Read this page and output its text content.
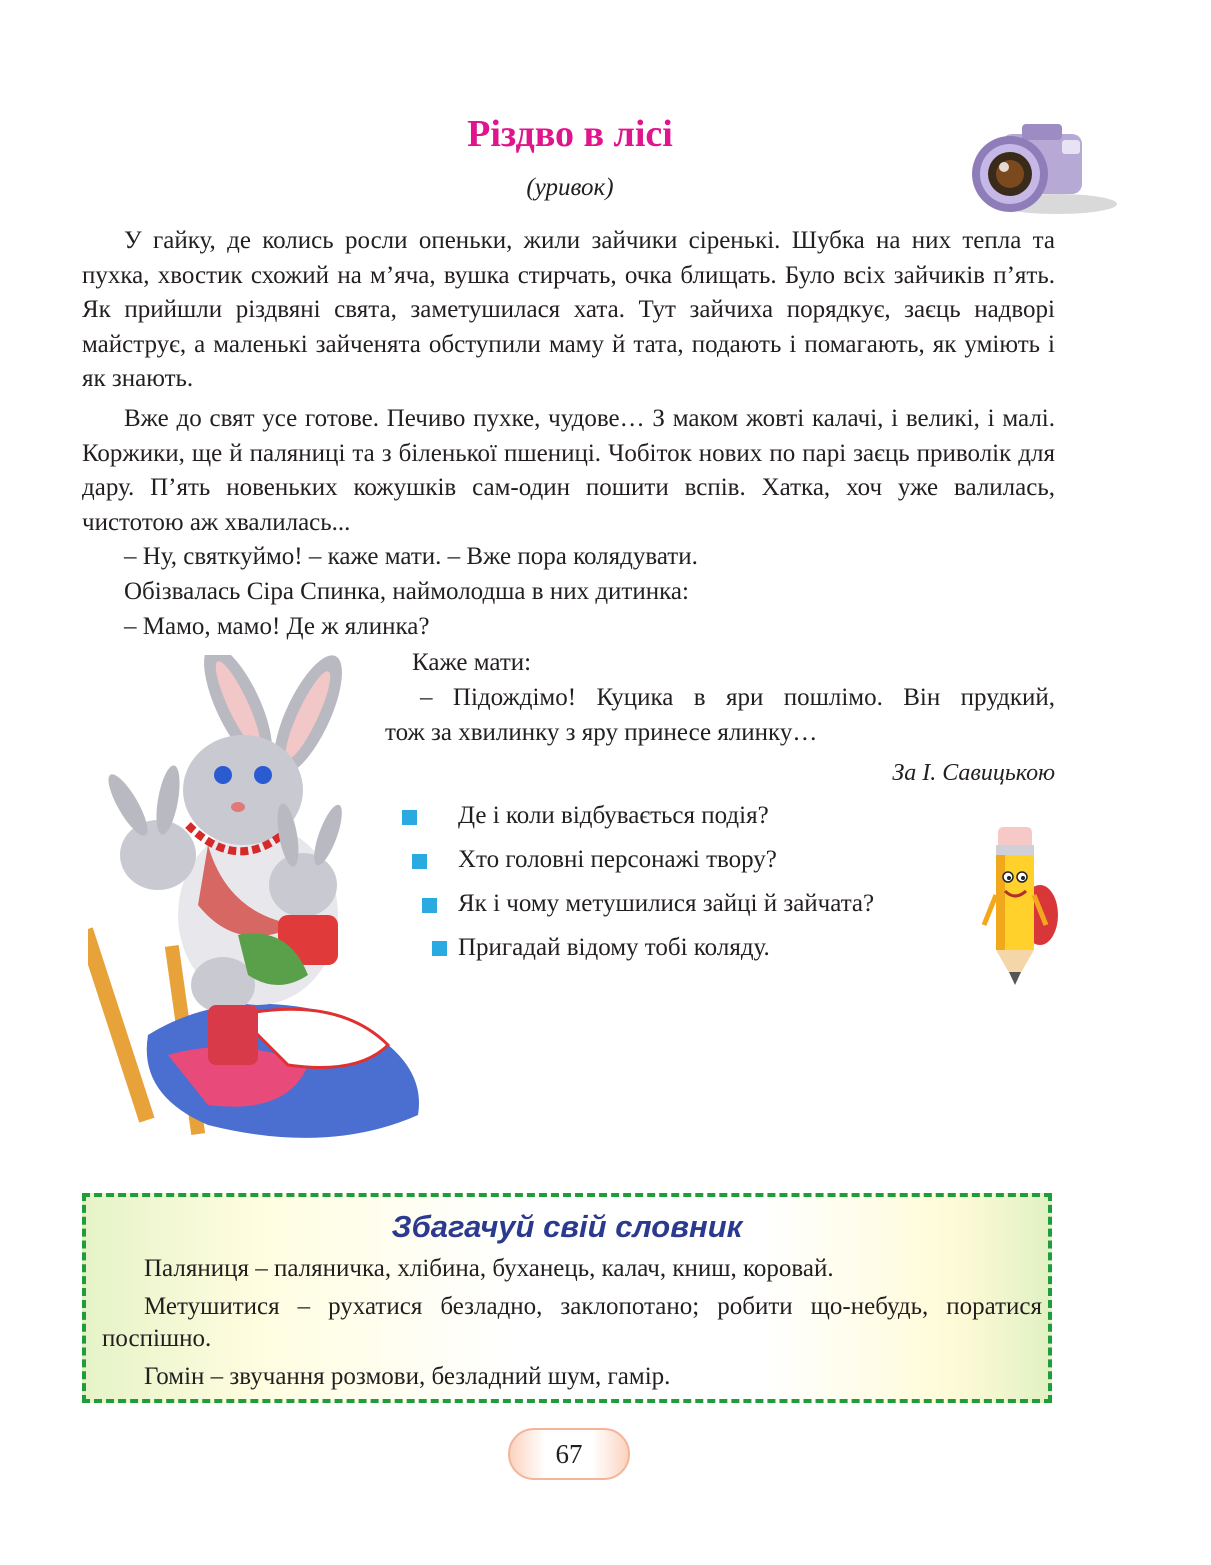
Різдво в лісі
(уривок)

У гайку, де колись росли опеньки, жили зайчики сіренькі. Шубка на них тепла та пухка, хвостик схожий на м’яча, вушка стирчать, очка блищать. Було всіх зайчиків п’ять. Як прийшли різдвяні свята, заметушилася хата. Тут зайчиха порядкує, заєць надворі майструє, а маленькі зайченята обступили маму й тата, подають і помагають, як уміють і як знають.

Вже до свят усе готове. Печиво пухке, чудове… З маком жовті калачі, і великі, і малі. Коржики, ще й паляниці та з біленької пшениці. Чобіток нових по парі заєць приволік для дару. П’ять новеньких кожушків сам-один пошити вспів. Хатка, хоч уже валилась, чистотою аж хвалилась...

– Ну, святкуймо! – каже мати. – Вже пора колядувати.
Обізвалась Сіра Спинка, наймолодша в них дитинка:
– Мамо, мамо! Де ж ялинка?
Каже мати:
– Підождімо! Куцика в яри пошлімо. Він прудкий,
тож за хвилинку з яру принесе ялинку…
За І. Савицькою
Де і коли відбувається подія?
Хто головні персонажі твору?
Як і чому метушилися зайці й зайчата?
Пригадай відому тобі коляду.
Збагачуй свій словник

Паляниця – паляничка, хлібина, буханець, калач, книш, коровай.

Метушитися – рухатися безладно, заклопотано; робити що-небудь, поратися поспішно.

Гомін – звучання розмови, безладний шум, гамір.

67
